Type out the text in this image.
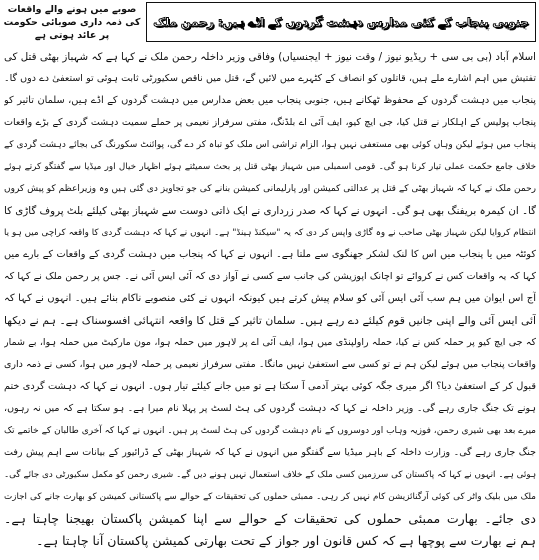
جنوبی پنجاب کے کئی مدارس دہشت گردوں کے اڈے ہیں: رحمن ملک
صوبے میں ہونے والے واقعات
کی ذمہ داری صوبائی حکومت
پر عائد ہوتی ہے
اسلام آباد (بی بی سی + ریڈیو نیوز / وقت نیوز + ایجنسیاں) وفاقی وزیر داخلہ رحمن ملک نے کہا ہے کہ شہباز بھٹی قتل کی
تفتیش میں اہم اشارے ملے ہیں، قاتلوں کو انصاف کے کٹہرے میں لائیں گے، قتل میں ناقص سکیورٹی ثابت ہوئی تو استعفیٰ دے دوں گا۔
پنجاب میں دہشت گردوں کے محفوظ ٹھکانے ہیں، جنوبی پنجاب میں بعض مدارس میں دہشت گردوں کے اڈے ہیں، سلمان تاثیر کو
پنجاب پولیس کے اہلکار نے قتل کیا، جی ایچ کیو، ایف آئی اے بلڈنگ، مفتی سرفراز نعیمی پر حملے سمیت دہشت گردی کے بڑے واقعات
پنجاب میں ہوئے لیکن وہاں کوئی بھی مستعفی نہیں ہوا، الزام تراشی اس ملک کو تباہ کر دے گی، پوائنٹ سکورنگ کی بجائے دہشت گردی کے
خلاف جامع حکمت عملی تیار کرنا ہو گی۔ قومی اسمبلی میں شہباز بھٹی قتل پر بحث سمیٹتے ہوئے اظہار خیال اور میڈیا سے گفتگو کرتے ہوئے
رحمن ملک نے کہا کہ شہباز بھٹی کے قتل پر عدالتی کمیشن اور پارلیمانی کمیشن بنانے کی جو تجاویز دی گئی ہیں وہ وزیراعظم کو پیش کروں
گا۔ ان کیمرہ بریفنگ بھی ہو گی۔ انہوں نے کہا کہ صدر زرداری نے ایک ذاتی دوست سے شہباز بھٹی کیلئے بلٹ پروف گاڑی کا
انتظام کروایا لیکن شہباز بھٹی صاحب نے وہ گاڑی واپس کر دی کہ یہ "سیکنڈ ہینڈ" ہے۔ انہوں نے کہا کہ دہشت گردی کا واقعہ کراچی میں ہو یا
کوئٹہ میں یا پنجاب میں اس کا لنک لشکر جھنگوی سے ملتا ہے۔ انہوں نے کہا کہ پنجاب میں دہشت گردی کے واقعات کے بارے میں
کہا کہ یہ واقعات کس نے کروائے تو اچانک اپوزیشن کی جانب سے کسی نے آواز دی کہ آئی ایس آئی نے۔ جس پر رحمن ملک نے کہا کہ
آج اس ایوان میں ہم سب آئی ایس آئی کو سلام پیش کرتے ہیں کیونکہ انہوں نے کئی منصوبے ناکام بنائے ہیں۔ انہوں نے کہا کہ
آئی ایس آئی والے اپنی جانیں قوم کیلئے دے رہے ہیں۔ سلمان تاثیر کے قتل کا واقعہ انتہائی افسوسناک ہے۔ ہم نے دیکھا
کہ جی ایچ کیو پر حملہ کس نے کیا، حملہ راولپنڈی میں ہوا، ایف آئی اے پر لاہور میں حملہ ہوا، مون مارکیٹ میں حملہ ہوا، بے شمار
واقعات پنجاب میں ہوئے لیکن ہم نے تو کسی سے استعفیٰ نہیں مانگا۔ مفتی سرفراز نعیمی پر حملہ لاہور میں ہوا، کسی نے ذمہ داری
قبول کر کے استعفیٰ دیا؟ اگر میری جگہ کوئی بہتر آدمی آ سکتا ہے تو میں جانے کیلئے تیار ہوں۔ انہوں نے کہا کہ دہشت گردی ختم
ہونے تک جنگ جاری رہے گی۔ وزیر داخلہ نے کہا کہ دہشت گردوں کی ہٹ لسٹ پر پہلا نام میرا ہے۔ ہو سکتا ہے کہ میں نہ رہوں،
میرے بعد بھی شیری رحمن، فوزیہ وہاب اور دوسروں کے نام دہشت گردوں کی ہٹ لسٹ پر ہیں۔ انہوں نے کہا کہ آخری طالبان کے خاتمے تک
جنگ جاری رہے گی۔ وزارت داخلہ کے باہر میڈیا سے گفتگو میں انہوں نے کہا کہ شہباز بھٹی کے ڈرائیور کے بیانات سے اہم پیش رفت
ہوئی ہے۔ انہوں نے کہا کہ پاکستان کی سرزمین کسی ملک کے خلاف استعمال نہیں ہونے دیں گے۔ شیری رحمن کو مکمل سکیورٹی دی جائے گی۔
ملک میں بلیک واٹر کی کوئی آرگنائزیشن کام نہیں کر رہی۔ ممبئی حملوں کی تحقیقات کے حوالے سے پاکستانی کمیشن کو بھارت جانے کی اجازت
دی جائے۔ بھارت ممبئی حملوں کی تحقیقات کے حوالے سے اپنا کمیشن پاکستان بھیجنا چاہتا ہے۔
ہم نے بھارت سے پوچھا ہے کہ کس قانون اور جواز کے تحت بھارتی کمیشن پاکستان آنا چاہتا ہے۔
